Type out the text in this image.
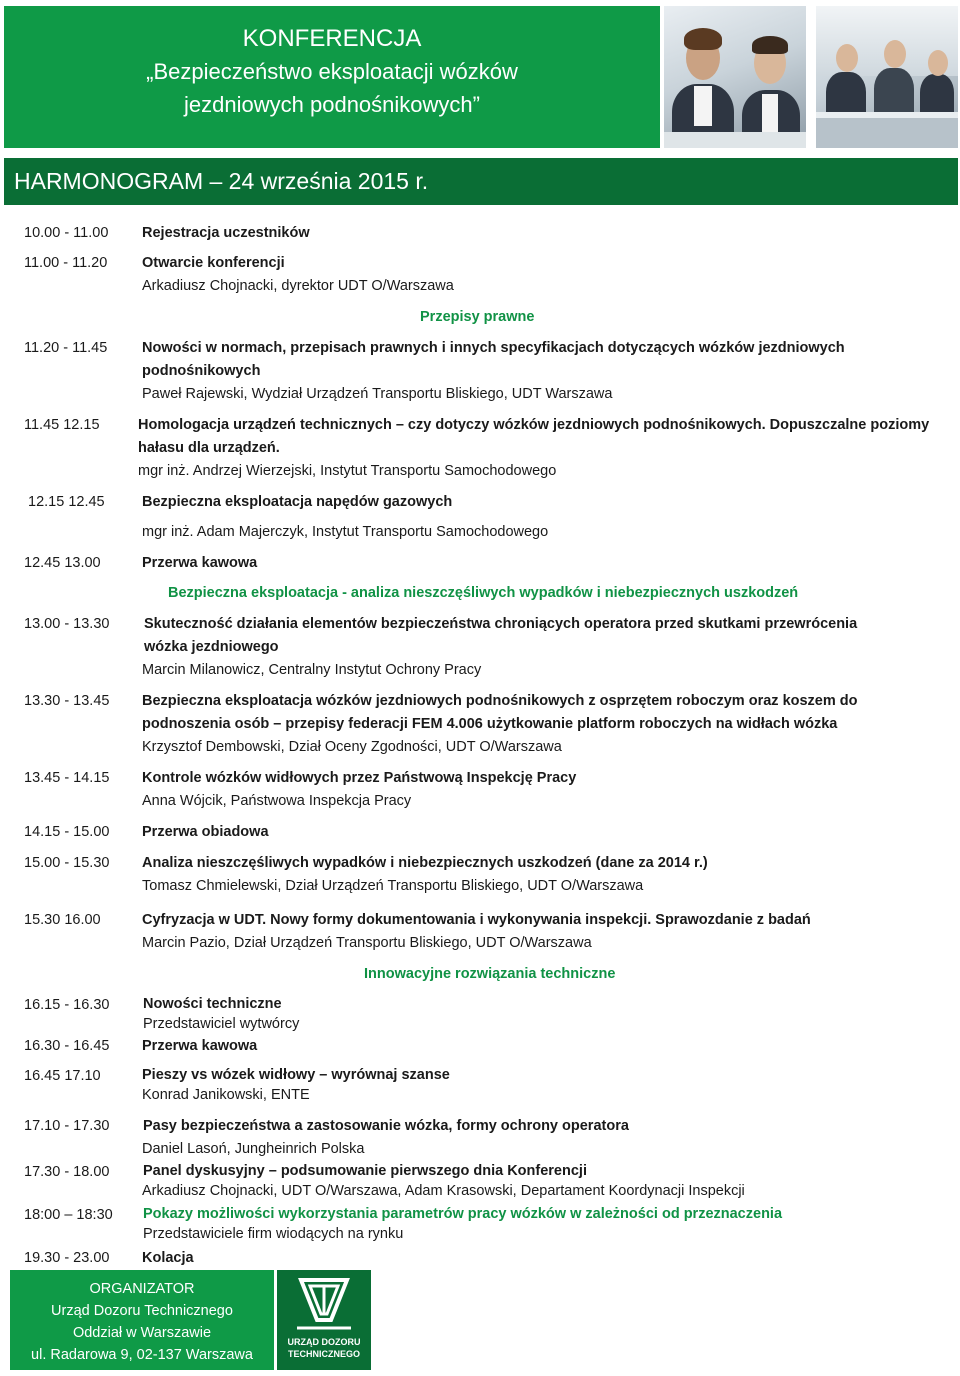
KONFERENCJA
„Bezpieczeństwo eksploatacji wózków
jezdniowych podnośnikowych”
HARMONOGRAM – 24 września 2015 r.
10.00 - 11.00 Rejestracja uczestników
11.00 - 11.20 Otwarcie konferencji
Arkadiusz Chojnacki, dyrektor UDT O/Warszawa
Przepisy prawne
11.20 - 11.45 Nowości w normach, przepisach prawnych i innych specyfikacjach dotyczących wózków jezdniowych podnośnikowych
Paweł Rajewski, Wydział Urządzeń Transportu Bliskiego, UDT Warszawa
11.45 12.15	Homologacja urządzeń technicznych – czy dotyczy wózków jezdniowych podnośnikowych. Dopuszczalne poziomy hałasu dla urządzeń.
mgr inż. Andrzej Wierzejski, Instytut Transportu Samochodowego
12.15 12.45	Bezpieczna eksploatacja napędów gazowych
mgr inż. Adam Majerczyk, Instytut Transportu Samochodowego
12.45 13.00	Przerwa kawowa
Bezpieczna eksploatacja - analiza nieszczęśliwych wypadków i niebezpiecznych uszkodzeń
13.00 - 13.30 Skuteczność działania elementów bezpieczeństwa chroniących operatora przed skutkami przewrócenia wózka jezdniowego
Marcin Milanowicz, Centralny Instytut Ochrony Pracy
13.30 - 13.45 Bezpieczna eksploatacja wózków jezdniowych podnośnikowych z osprzętem roboczym oraz koszem do podnoszenia osób – przepisy federacji FEM 4.006 użytkowanie platform roboczych na widłach wózka
Krzysztof Dembowski, Dział Oceny Zgodności, UDT O/Warszawa
13.45 - 14.15 Kontrole wózków widłowych przez Państwową Inspekcję Pracy
Anna Wójcik, Państwowa Inspekcja Pracy
14.15 - 15.00 Przerwa obiadowa
15.00 - 15.30 Analiza nieszczęśliwych wypadków i niebezpiecznych uszkodzeń (dane za 2014 r.)
Tomasz Chmielewski, Dział Urządzeń Transportu Bliskiego, UDT O/Warszawa
15.30 16.00	Cyfryzacja w UDT. Nowy formy dokumentowania i wykonywania inspekcji. Sprawozdanie z badań
Marcin Pazio, Dział Urządzeń Transportu Bliskiego, UDT O/Warszawa
Innowacyjne rozwiązania techniczne
16.15 - 16.30 Nowości techniczne
Przedstawiciel wytwórcy
16.30 - 16.45 Przerwa kawowa
16.45 17.10	Pieszy vs wózek widłowy – wyrównaj szanse
Konrad Janikowski, ENTE
17.10 - 17.30 Pasy bezpieczeństwa a zastosowanie wózka, formy ochrony operatora
Daniel Lasoń, Jungheinrich Polska
17.30 - 18.00 Panel dyskusyjny – podsumowanie pierwszego dnia Konferencji
Arkadiusz Chojnacki, UDT O/Warszawa, Adam Krasowski, Departament Koordynacji Inspekcji
18:00 – 18:30 Pokazy możliwości wykorzystania parametrów pracy wózków w zależności od przeznaczenia
Przedstawiciele firm wiodących na rynku
19.30 - 23.00 Kolacja
ORGANIZATOR
Urząd Dozoru Technicznego
Oddział w Warszawie
ul. Radarowa 9, 02-137 Warszawa
URZĄD DOZORU
TECHNICZNEGO
